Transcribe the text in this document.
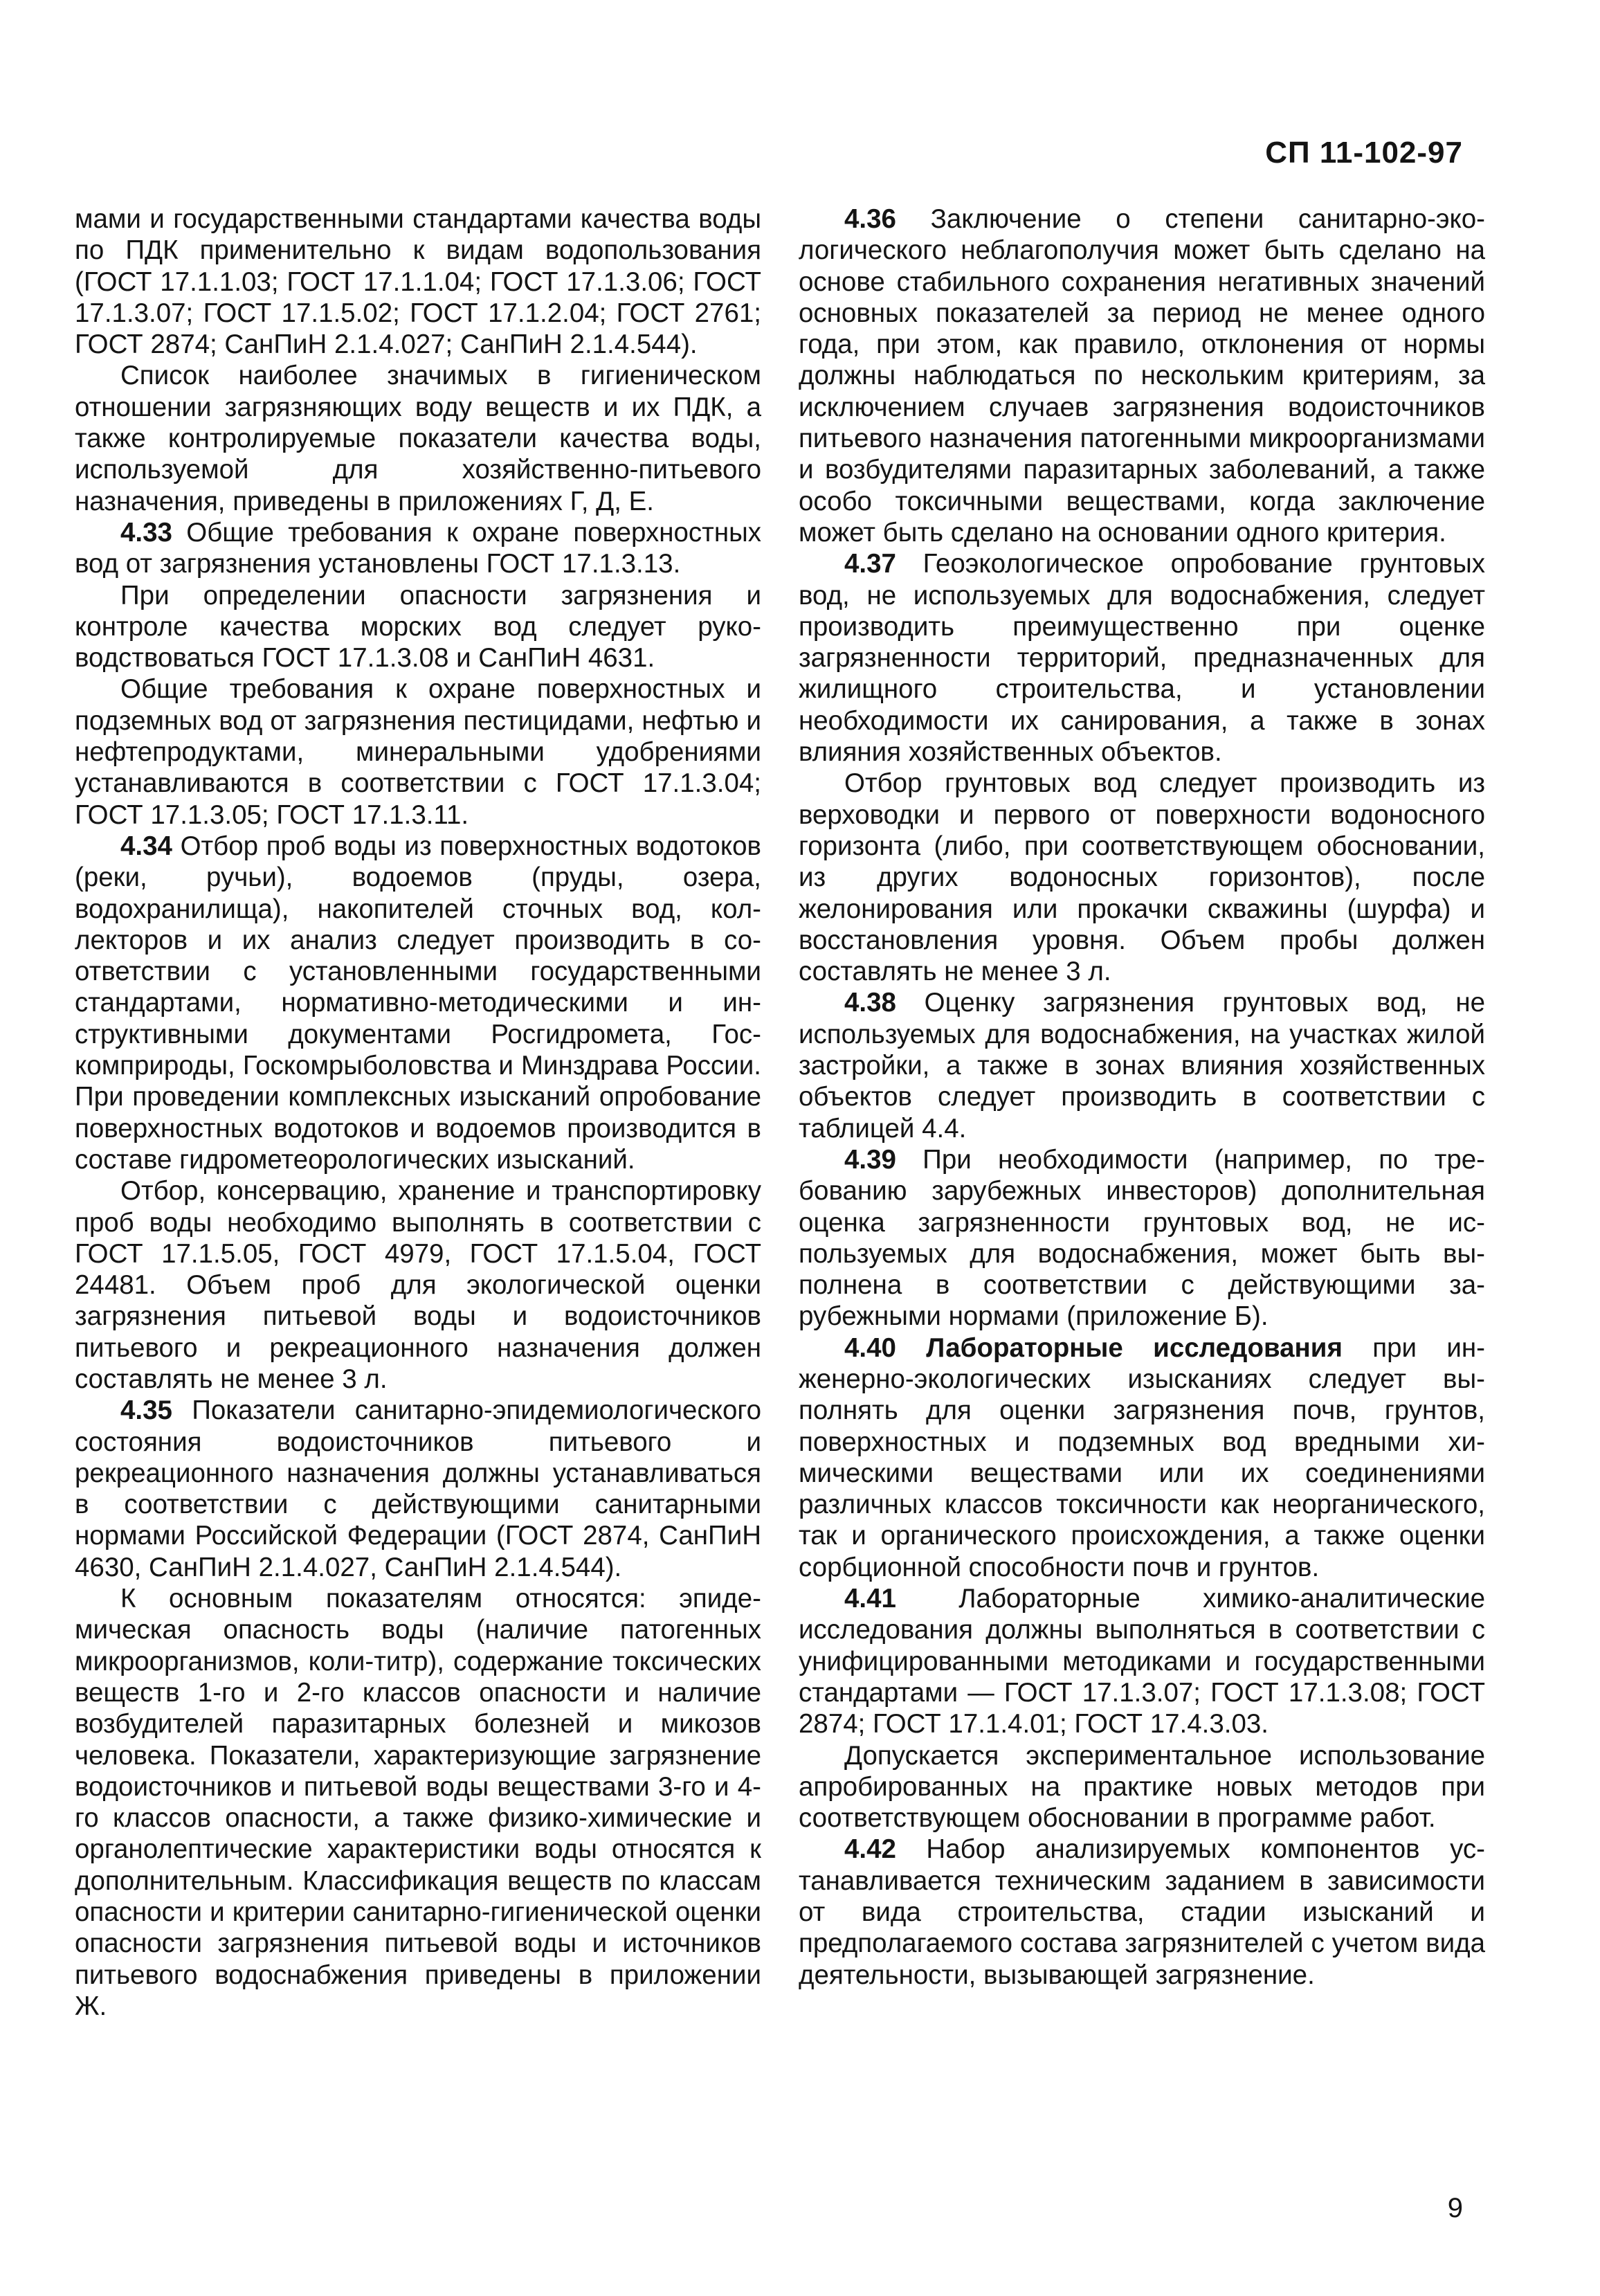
СП 11-102-97

мами и государственными стандартами качества воды по ПДК применительно к видам водопользования (ГОСТ 17.1.1.03; ГОСТ 17.1.1.04; ГОСТ 17.1.3.06; ГОСТ 17.1.3.07; ГОСТ 17.1.5.02; ГОСТ 17.1.2.04; ГОСТ 2761; ГОСТ 2874; СанПиН 2.1.4.027; СанПиН 2.1.4.544).

Список наиболее значимых в гигиеническом отношении загрязняющих воду веществ и их ПДК, а также контролируемые показатели качества воды, используемой для хозяйственно-питьевого назначения, приведены в приложениях Г, Д, Е.

4.33 Общие требования к охране поверхностных вод от загрязнения установлены ГОСТ 17.1.3.13.

При определении опасности загрязнения и контроле качества морских вод следует руководствоваться ГОСТ 17.1.3.08 и СанПиН 4631.

Общие требования к охране поверхностных и подземных вод от загрязнения пестицидами, нефтью и нефтепродуктами, минеральными удобрениями устанавливаются в соответствии с ГОСТ 17.1.3.04; ГОСТ 17.1.3.05; ГОСТ 17.1.3.11.

4.34 Отбор проб воды из поверхностных водотоков (реки, ручьи), водоемов (пруды, озера, водохранилища), накопителей сточных вод, коллекторов и их анализ следует производить в соответствии с установленными государственными стандартами, нормативно-методическими и инструктивными документами Росгидромета, Госкомприроды, Госкомрыболовства и Минздрава России. При проведении комплексных изысканий опробование поверхностных водотоков и водоемов производится в составе гидрометеорологических изысканий.

Отбор, консервацию, хранение и транспортировку проб воды необходимо выполнять в соответствии с ГОСТ 17.1.5.05, ГОСТ 4979, ГОСТ 17.1.5.04, ГОСТ 24481. Объем проб для экологической оценки загрязнения питьевой воды и водоисточников питьевого и рекреационного назначения должен составлять не менее 3 л.

4.35 Показатели санитарно-эпидемиологического состояния водоисточников питьевого и рекреационного назначения должны устанавливаться в соответствии с действующими санитарными нормами Российской Федерации (ГОСТ 2874, СанПиН 4630, СанПиН 2.1.4.027, СанПиН 2.1.4.544).

К основным показателям относятся: эпидемическая опасность воды (наличие патогенных микроорганизмов, коли-титр), содержание токсических веществ 1-го и 2-го классов опасности и наличие возбудителей паразитарных болезней и микозов человека. Показатели, характеризующие загрязнение водоисточников и питьевой воды веществами 3-го и 4-го классов опасности, а также физико-химические и органолептические характеристики воды относятся к дополнительным. Классификация веществ по классам опасности и критерии санитарно-гигиенической оценки опасности загрязнения питьевой воды и источников питьевого водоснабжения приведены в приложении Ж.

4.36 Заключение о степени санитарно-экологического неблагополучия может быть сделано на основе стабильного сохранения негативных значений основных показателей за период не менее одного года, при этом, как правило, отклонения от нормы должны наблюдаться по нескольким критериям, за исключением случаев загрязнения водоисточников питьевого назначения патогенными микроорганизмами и возбудителями паразитарных заболеваний, а также особо токсичными веществами, когда заключение может быть сделано на основании одного критерия.

4.37 Геоэкологическое опробование грунтовых вод, не используемых для водоснабжения, следует производить преимущественно при оценке загрязненности территорий, предназначенных для жилищного строительства, и установлении необходимости их санирования, а также в зонах влияния хозяйственных объектов.

Отбор грунтовых вод следует производить из верховодки и первого от поверхности водоносного горизонта (либо, при соответствующем обосновании, из других водоносных горизонтов), после желонирования или прокачки скважины (шурфа) и восстановления уровня. Объем пробы должен составлять не менее 3 л.

4.38 Оценку загрязнения грунтовых вод, не используемых для водоснабжения, на участках жилой застройки, а также в зонах влияния хозяйственных объектов следует производить в соответствии с таблицей 4.4.

4.39 При необходимости (например, по требованию зарубежных инвесторов) дополнительная оценка загрязненности грунтовых вод, не используемых для водоснабжения, может быть выполнена в соответствии с действующими зарубежными нормами (приложение Б).

4.40 Лабораторные исследования при инженерно-экологических изысканиях следует выполнять для оценки загрязнения почв, грунтов, поверхностных и подземных вод вредными химическими веществами или их соединениями различных классов токсичности как неорганического, так и органического происхождения, а также оценки сорбционной способности почв и грунтов.

4.41 Лабораторные химико-аналитические исследования должны выполняться в соответствии с унифицированными методиками и государственными стандартами — ГОСТ 17.1.3.07; ГОСТ 17.1.3.08; ГОСТ 2874; ГОСТ 17.1.4.01; ГОСТ 17.4.3.03.

Допускается экспериментальное использование апробированных на практике новых методов при соответствующем обосновании в программе работ.

4.42 Набор анализируемых компонентов устанавливается техническим заданием в зависимости от вида строительства, стадии изысканий и предполагаемого состава загрязнителей с учетом вида деятельности, вызывающей загрязнение.

9
